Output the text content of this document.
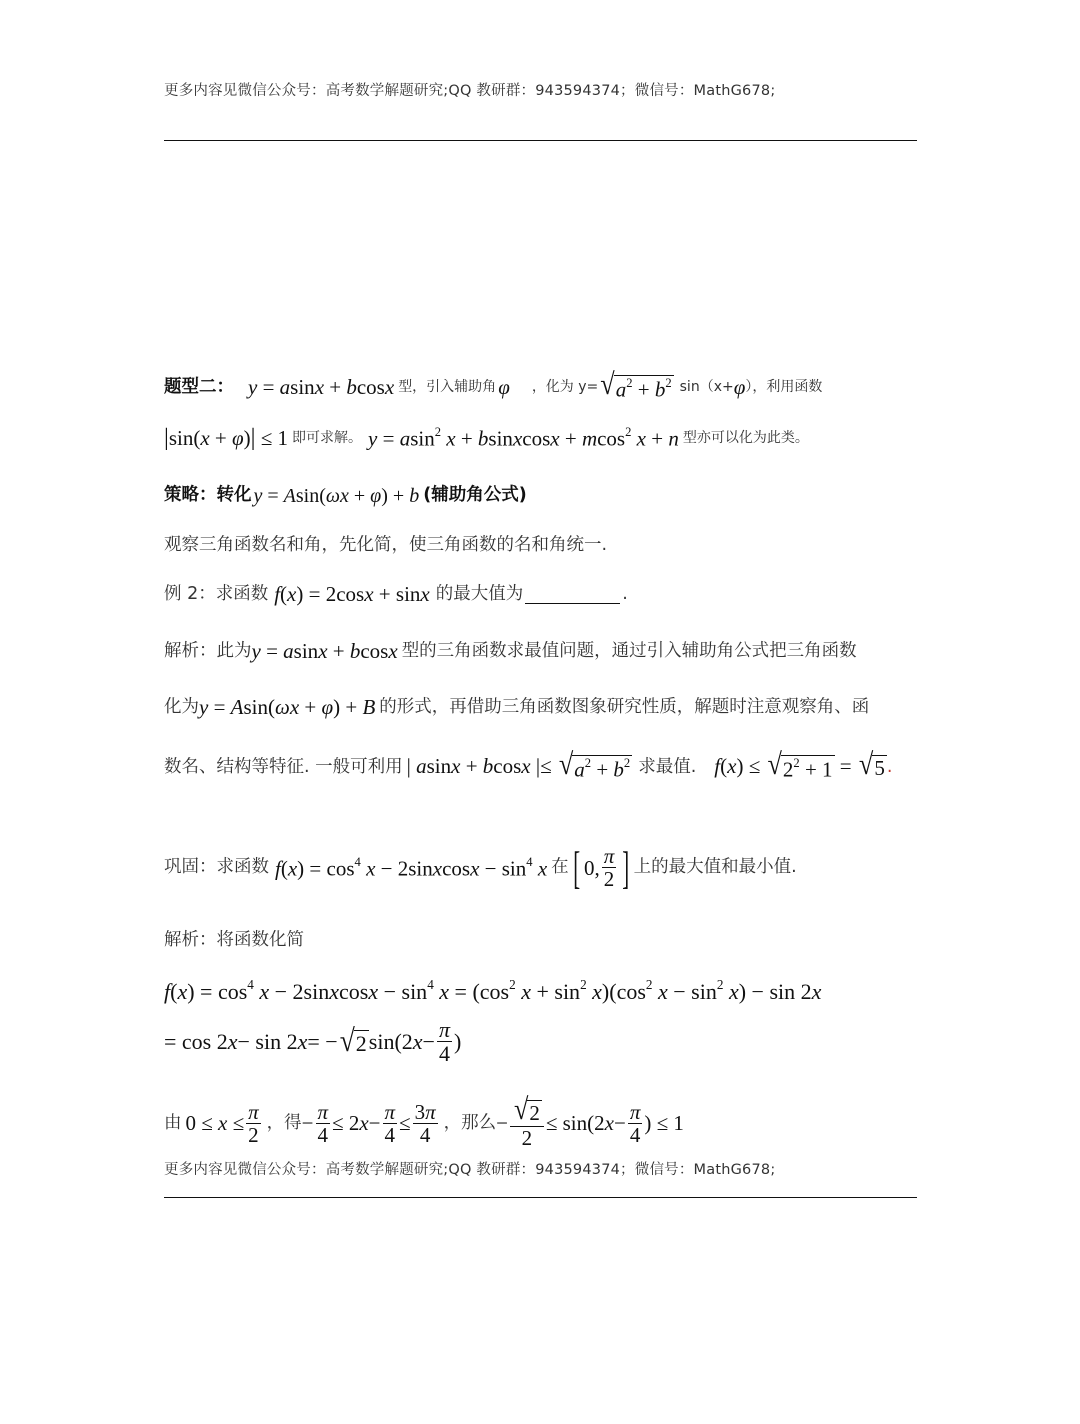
更多内容见微信公众号：高考数学解题研究;QQ 教研群：943594374；微信号：MathG678;
题型二： y = asinx + bcosx 型，引入辅助角 φ ，化为 y= √ $a^2 + b^2$ sin（x+ φ ），利用函数
|sin(x + φ)| ≤ 1 即可求解。 y = asin$^2$ x + bsinxcosx + mcos$^2$ x + n 型亦可以化为此类。
策略：转化 y = Asin(ωx + φ) + b (辅助角公式)
观察三角函数名和角，先化简，使三角函数的名和角统一.
例 2：求函数 f(x) = 2cosx + sinx 的最大值为	.
解析：此为 y = asinx + bcosx 型的三角函数求最值问题，通过引入辅助角公式把三角函数
化为 y = Asin(ωx + φ) + B 的形式，再借助三角函数图象研究性质，解题时注意观察角、函
数名、结构等特征. 一般可利用 | asinx + bcosx |≤ √ $a^2 + b^2$ 求最值. f(x) ≤ √ $2^2 + 1$ = √ 5 .
巩固：求函数 $f(x) = \cos^4 x$ − 2sinxcosx − $\sin^4 x$ 在 [ 0, $\frac{\pi}{2}$ ] 上的最大值和最小值.
解析：将函数化简
$f(x) = \cos^4 x$ − 2sinxcosx − $\sin^4 x = (\cos^2$ $x + \sin^2 x)(\cos^2$ $x - \sin^2 x) - \sin 2x$
= cos 2 x − sin 2 x = − √ 2 sin(2 $x - \frac{\pi}{4}$ )
由 $0 \le x \le \frac{\pi}{2}$ ，得 − $\frac{\pi}{4} \le 2$ $x - \frac{\pi}{4} \le \frac{3\pi}{4}$ ，那么 − $\frac{√ 2}{2} \le \sin(2$ $x - \frac{\pi}{4}$ ) ≤ 1
更多内容见微信公众号：高考数学解题研究;QQ 教研群：943594374；微信号：MathG678;
